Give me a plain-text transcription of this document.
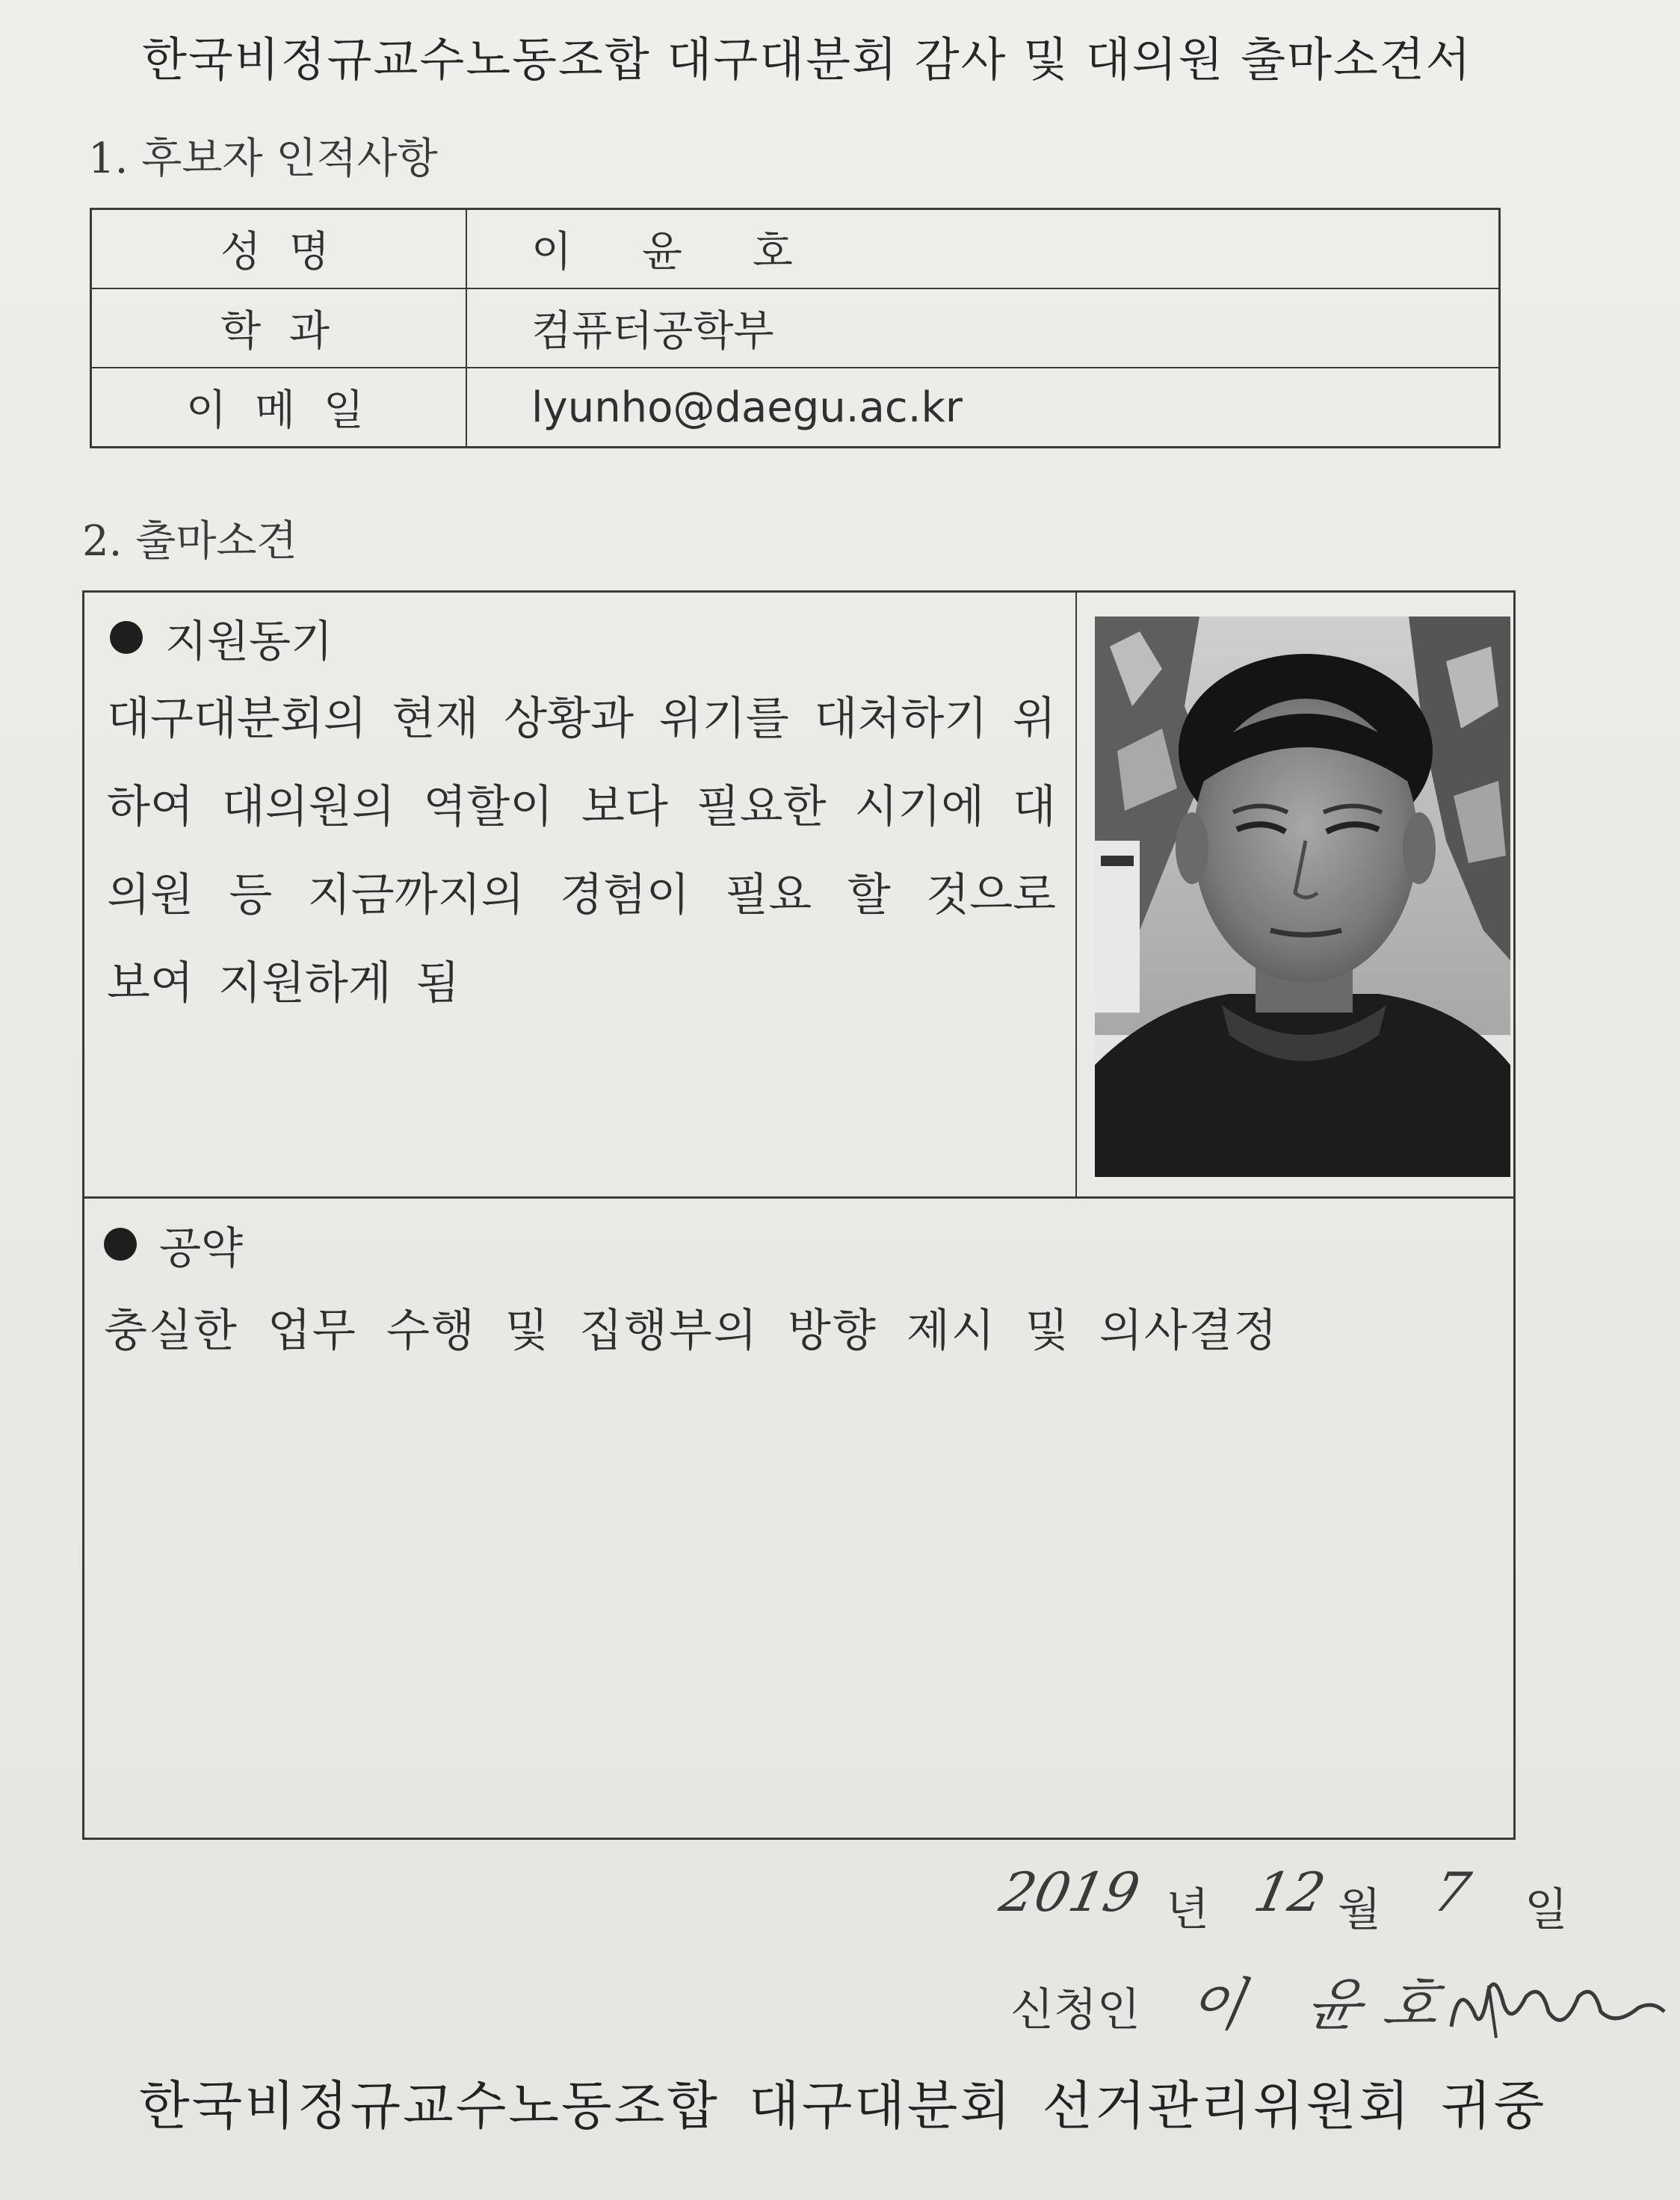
한국비정규교수노동조합 대구대분회 감사 및 대의원 출마소견서
1. 후보자 인적사항
성 명	이 윤 호
학 과	컴퓨터공학부
이 메 일	lyunho@daegu.ac.kr
2. 출마소견
지원동기
대구대분회의 현재 상황과 위기를 대처하기 위하여 대의원의 역할이 보다 필요한 시기에 대의원 등 지금까지의 경험이 필요 할 것으로 보여 지원하게 됨
공약
충실한 업무 수행 및 집행부의 방향 제시 및 의사결정
2019 년 12 월 7 일
신청인 이 윤호
한국비정규교수노동조합 대구대분회 선거관리위원회 귀중
